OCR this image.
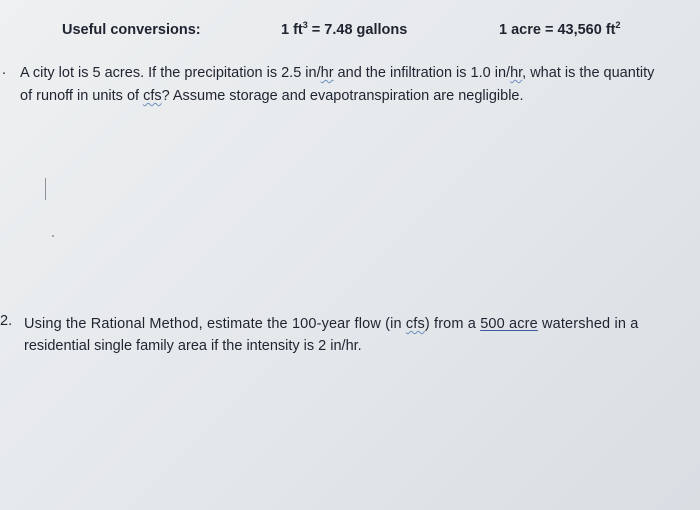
Useful conversions:	1 $ft^3 = 7.48$ gallons	1 acre = 43,560 $ft^2$
. A city lot is 5 acres. If the precipitation is 2.5 in/hr and the infiltration is 1.0 in/hr, what is the quantity
of runoff in units of cfs? Assume storage and evapotranspiration are negligible.
2. Using the Rational Method, estimate the 100-year flow (in cfs) from a 500 acre watershed in a
residential single family area if the intensity is 2 in/hr.
